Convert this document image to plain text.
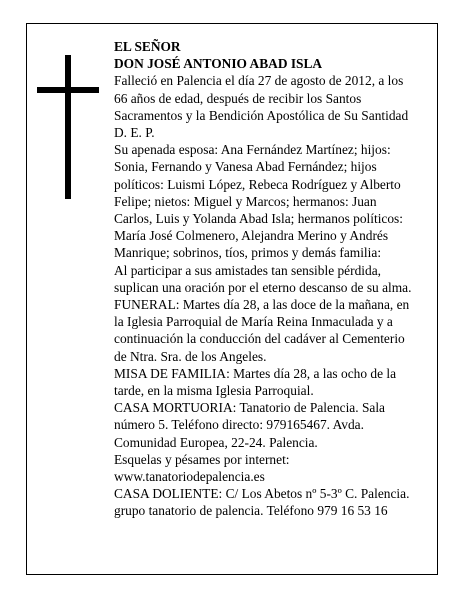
EL SEÑOR

DON JOSÉ ANTONIO ABAD ISLA

Falleció en Palencia el día 27 de agosto de 2012, a los
66 años de edad, después de recibir los Santos
Sacramentos y la Bendición Apostólica de Su Santidad
D. E. P.

Su apenada esposa: Ana Fernández Martínez; hijos:
Sonia, Fernando y Vanesa Abad Fernández; hijos
políticos: Luismi López, Rebeca Rodríguez y Alberto
Felipe; nietos: Miguel y Marcos; hermanos: Juan
Carlos, Luis y Yolanda Abad Isla; hermanos políticos:
María José Colmenero, Alejandra Merino y Andrés
Manrique; sobrinos, tíos, primos y demás familia:

Al participar a sus amistades tan sensible pérdida,
suplican una oración por el eterno descanso de su alma.

FUNERAL: Martes día 28, a las doce de la mañana, en
la Iglesia Parroquial de María Reina Inmaculada y a
continuación la conducción del cadáver al Cementerio
de Ntra. Sra. de los Angeles.

MISA DE FAMILIA: Martes día 28, a las ocho de la
tarde, en la misma Iglesia Parroquial.

CASA MORTUORIA: Tanatorio de Palencia. Sala
número 5. Teléfono directo: 979165467. Avda.
Comunidad Europea, 22-24. Palencia.

Esquelas y pésames por internet:
www.tanatoriodepalencia.es

CASA DOLIENTE: C/ Los Abetos nº 5-3º C. Palencia.
grupo tanatorio de palencia. Teléfono 979 16 53 16
